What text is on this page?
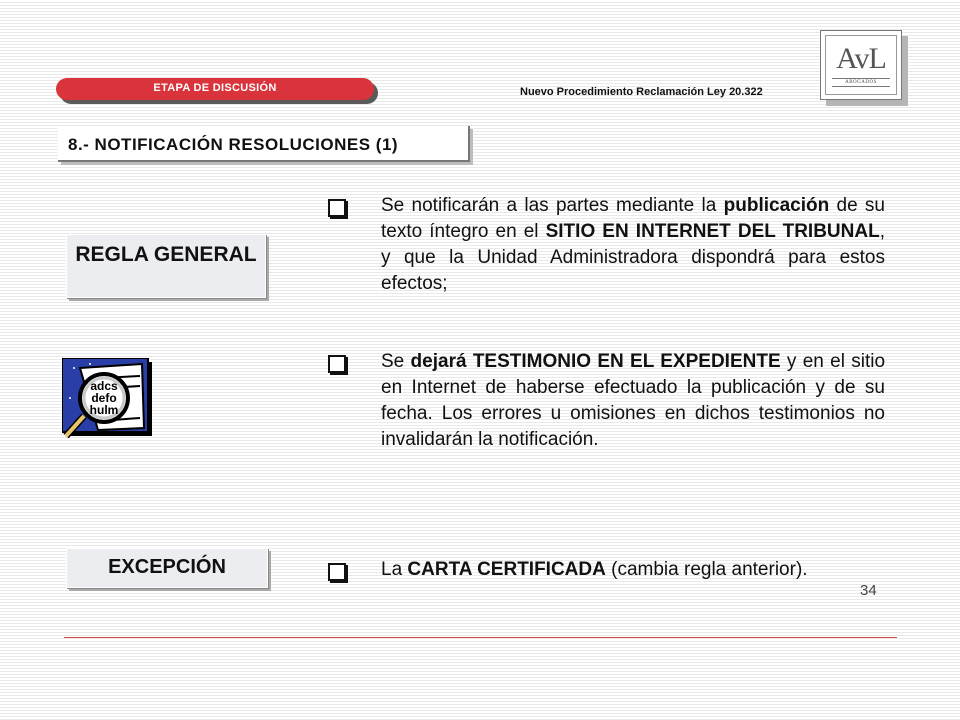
ETAPA DE DISCUSIÓN	Nuevo Procedimiento Reclamación Ley 20.322
AvL
ABOGADOS
8.- NOTIFICACIÓN RESOLUCIONES (1)
REGLA GENERAL
adcs
defo
hulm
EXCEPCIÓN
Se notificarán a las partes mediante la publicación de su texto íntegro en el SITIO EN INTERNET DEL TRIBUNAL, y que la Unidad Administradora dispondrá para estos efectos;
Se dejará TESTIMONIO EN EL EXPEDIENTE y en el sitio en Internet de haberse efectuado la publicación y de su fecha. Los errores u omisiones en dichos testimonios no invalidarán la notificación.
La CARTA CERTIFICADA (cambia regla anterior).
34
